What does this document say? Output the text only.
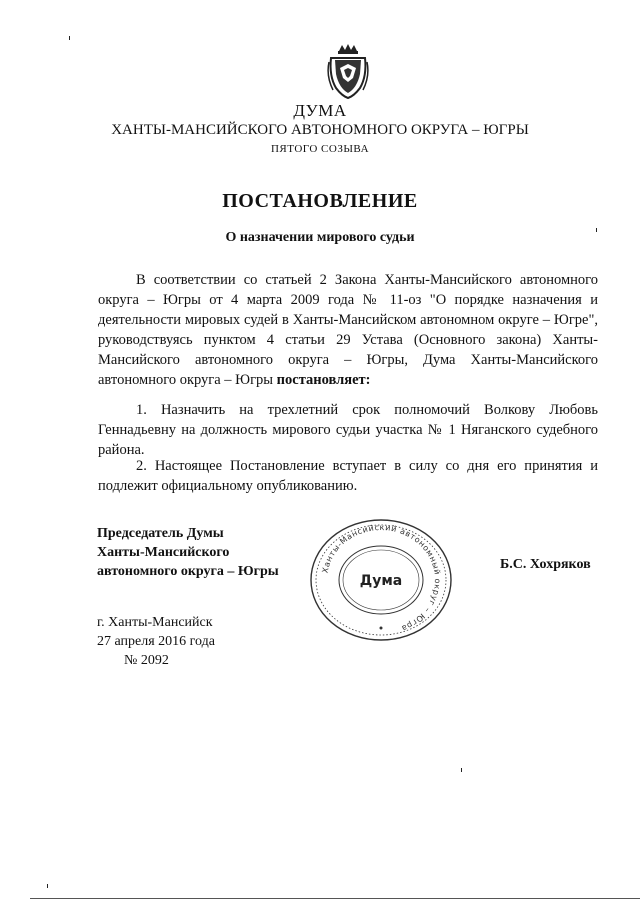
ДУМА
ХАНТЫ-МАНСИЙСКОГО АВТОНОМНОГО ОКРУГА – ЮГРЫ
ПЯТОГО СОЗЫВА
ПОСТАНОВЛЕНИЕ
О назначении мирового судьи

В соответствии со статьей 2 Закона Ханты-Мансийского автономного округа – Югры от 4 марта 2009 года № 11-оз "О порядке назначения и деятельности мировых судей в Ханты-Мансийском автономном округе – Югре", руководствуясь пунктом 4 статьи 29 Устава (Основного закона) Ханты-Мансийского автономного округа – Югры, Дума Ханты-Мансийского автономного округа – Югры постановляет:

1. Назначить на трехлетний срок полномочий Волкову Любовь Геннадьевну на должность мирового судьи участка № 1 Няганского судебного района.

2. Настоящее Постановление вступает в силу со дня его принятия и подлежит официальному опубликованию.

Председатель Думы
Ханты-Мансийского
автономного округа – Югры	Ханты-Мансийский автономный округ – Югра
Дума
Б.С. Хохряков
г. Ханты-Мансийск
27 апреля 2016 года
№ 2092
